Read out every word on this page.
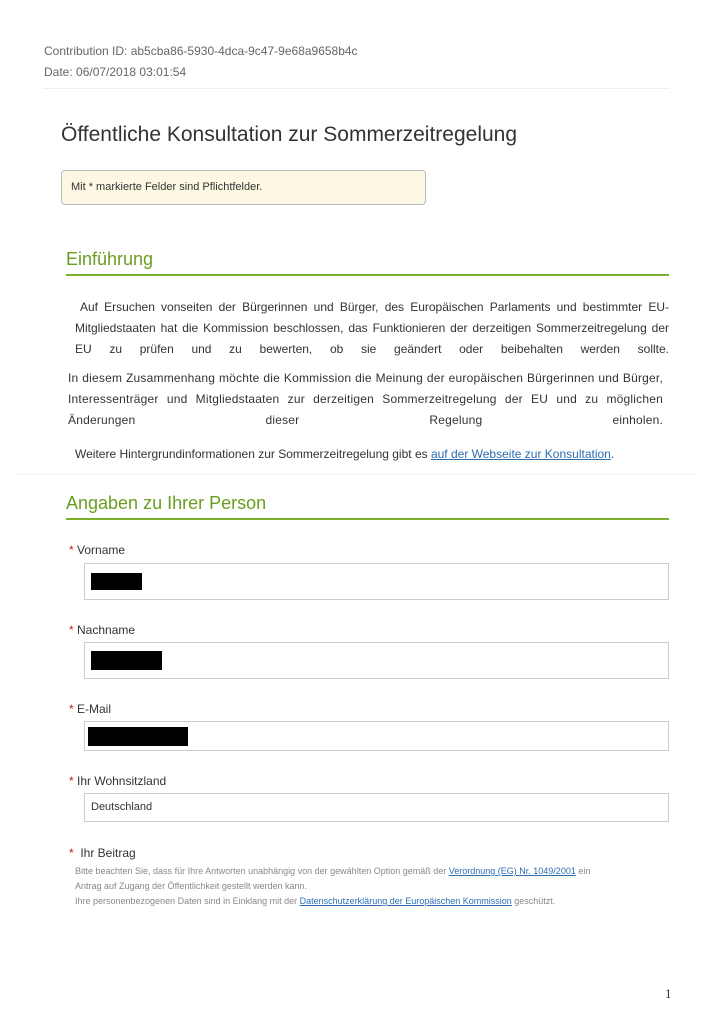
Contribution ID: ab5cba86-5930-4dca-9c47-9e68a9658b4c
Date: 06/07/2018 03:01:54
Öffentliche Konsultation zur Sommerzeitregelung
Mit * markierte Felder sind Pflichtfelder.
Einführung

Auf Ersuchen vonseiten der Bürgerinnen und Bürger, des Europäischen Parlaments und bestimmter EU-Mitgliedstaaten hat die Kommission beschlossen, das Funktionieren der derzeitigen Sommerzeitregelung der EU zu prüfen und zu bewerten, ob sie geändert oder beibehalten werden sollte.

In diesem Zusammenhang möchte die Kommission die Meinung der europäischen Bürgerinnen und Bürger, Interessenträger und Mitgliedstaaten zur derzeitigen Sommerzeitregelung der EU und zu möglichen Änderungen dieser Regelung einholen.

Weitere Hintergrundinformationen zur Sommerzeitregelung gibt es auf der Webseite zur Konsultation.

Angaben zu Ihrer Person
* Vorname
* Nachname
* E-Mail
* Ihr Wohnsitzland
Deutschland
* Ihr Beitrag
Bitte beachten Sie, dass für Ihre Antworten unabhängig von der gewählten Option gemäß der Verordnung (EG) Nr. 1049/2001 ein
Antrag auf Zugang der Öffentlichkeit gestellt werden kann.
Ihre personenbezogenen Daten sind in Einklang mit der Datenschutzerklärung der Europäischen Kommission geschützt.
1
